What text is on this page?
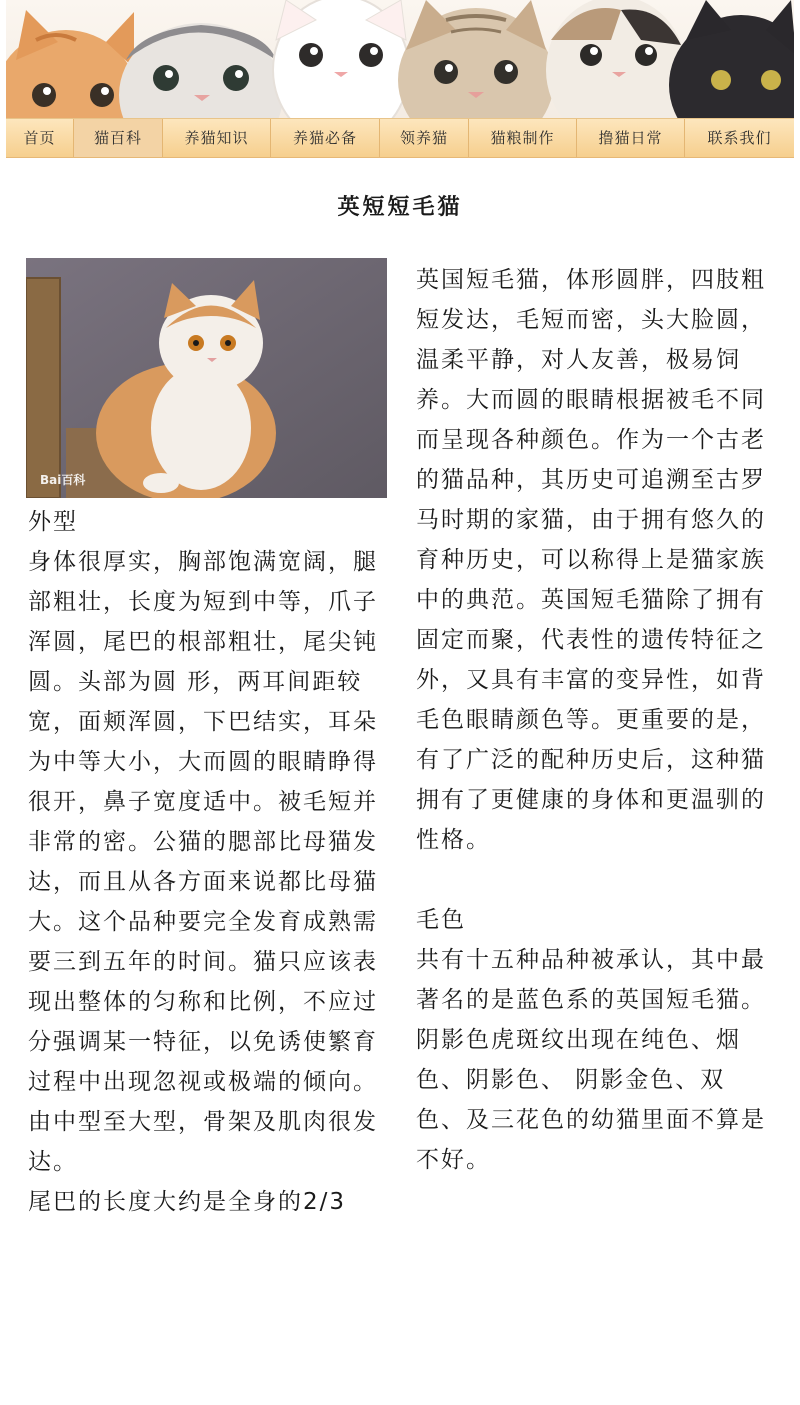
首页	猫百科	养猫知识	养猫必备	领养猫	猫粮制作	撸猫日常	联系我们
英短短毛猫
Bai百科

外型

身体很厚实，胸部饱满宽阔，腿部粗壮，长度为短到中等，爪子浑圆，尾巴的根部粗壮，尾尖钝圆。头部为圆 形，两耳间距较宽，面颊浑圆，下巴结实，耳朵为中等大小，大而圆的眼睛睁得很开，鼻子宽度适中。被毛短并非常的密。公猫的腮部比母猫发达，而且从各方面来说都比母猫大。这个品种要完全发育成熟需要三到五年的时间。猫只应该表现出整体的匀称和比例，不应过分强调某一特征，以免诱使繁育过程中出现忽视或极端的倾向。由中型至大型，骨架及肌肉很发达。

尾巴的长度大约是全身的2/3

英国短毛猫，体形圆胖，四肢粗短发达，毛短而密，头大脸圆，温柔平静，对人友善，极易饲养。大而圆的眼睛根据被毛不同而呈现各种颜色。作为一个古老的猫品种，其历史可追溯至古罗马时期的家猫，由于拥有悠久的育种历史，可以称得上是猫家族中的典范。英国短毛猫除了拥有固定而聚，代表性的遗传特征之外，又具有丰富的变异性，如背毛色眼睛颜色等。更重要的是，有了广泛的配种历史后，这种猫拥有了更健康的身体和更温驯的性格。

毛色

共有十五种品种被承认，其中最著名的是蓝色系的英国短毛猫。阴影色虎斑纹出现在纯色、烟色、阴影色、 阴影金色、双色、及三花色的幼猫里面不算是不好。
